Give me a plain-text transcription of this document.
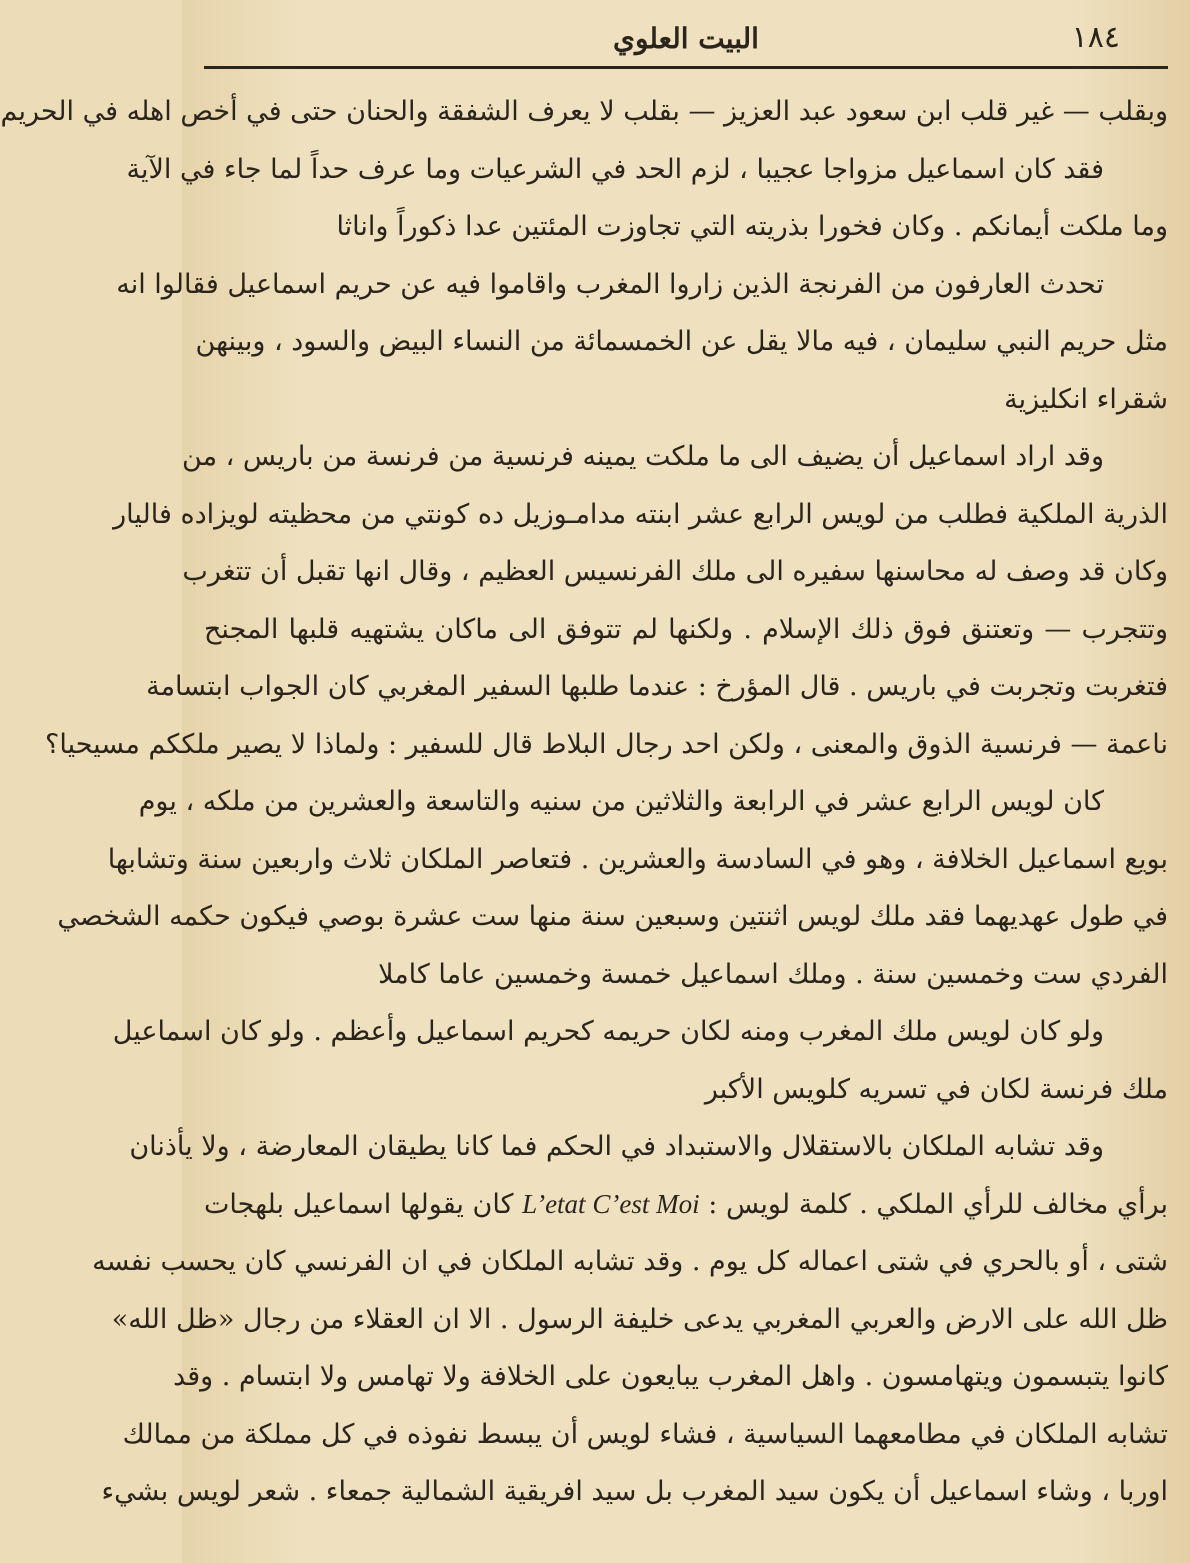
١٨٤
البيت العلوي
وبقلب — غير قلب ابن سعود عبد العزيز — بقلب لا يعرف الشفقة والحنان حتى في أخص اهله في الحريم
فقد كان اسماعيل مزواجا عجيبا ، لزم الحد في الشرعيات وما عرف حداً لما جاء في الآية
وما ملكت أيمانكم . وكان فخورا بذريته التي تجاوزت المئتين عدا ذكوراً واناثا
تحدث العارفون من الفرنجة الذين زاروا المغرب واقاموا فيه عن حريم اسماعيل فقالوا انه
مثل حريم النبي سليمان ، فيه مالا يقل عن الخمسمائة من النساء البيض والسود ، وبينهن
شقراء انكليزية
وقد اراد اسماعيل أن يضيف الى ما ملكت يمينه فرنسية من فرنسة من باريس ، من
الذرية الملكية فطلب من لويس الرابع عشر ابنته مدامـوزيل ده كونتي من محظيته لويزاده فاليار
وكان قد وصف له محاسنها سفيره الى ملك الفرنسيس العظيم ، وقال انها تقبل أن تتغرب
وتتجرب — وتعتنق فوق ذلك الإسلام . ولكنها لم تتوفق الى ماكان يشتهيه قلبها المجنح
فتغربت وتجربت في باريس . قال المؤرخ : عندما طلبها السفير المغربي كان الجواب ابتسامة
ناعمة — فرنسية الذوق والمعنى ، ولكن احد رجال البلاط قال للسفير : ولماذا لا يصير ملككم مسيحيا؟
كان لويس الرابع عشر في الرابعة والثلاثين من سنيه والتاسعة والعشرين من ملكه ، يوم
بويع اسماعيل الخلافة ، وهو في السادسة والعشرين . فتعاصر الملكان ثلاث واربعين سنة وتشابها
في طول عهديهما فقد ملك لويس اثنتين وسبعين سنة منها ست عشرة بوصي فيكون حكمه الشخصي
الفردي ست وخمسين سنة . وملك اسماعيل خمسة وخمسين عاما كاملا
ولو كان لويس ملك المغرب ومنه لكان حريمه كحريم اسماعيل وأعظم . ولو كان اسماعيل
ملك فرنسة لكان في تسريه كلويس الأكبر
وقد تشابه الملكان بالاستقلال والاستبداد في الحكم فما كانا يطيقان المعارضة ، ولا يأذنان
برأي مخالف للرأي الملكي . كلمة لويس : L’etat C’est Moi كان يقولها اسماعيل بلهجات
شتى ، أو بالحري في شتى اعماله كل يوم . وقد تشابه الملكان في ان الفرنسي كان يحسب نفسه
ظل الله على الارض والعربي المغربي يدعى خليفة الرسول . الا ان العقلاء من رجال «ظل الله»
كانوا يتبسمون ويتهامسون . واهل المغرب يبايعون على الخلافة ولا تهامس ولا ابتسام . وقد
تشابه الملكان في مطامعهما السياسية ، فشاء لويس أن يبسط نفوذه في كل مملكة من ممالك
اوربا ، وشاء اسماعيل أن يكون سيد المغرب بل سيد افريقية الشمالية جمعاء . شعر لويس بشيء
